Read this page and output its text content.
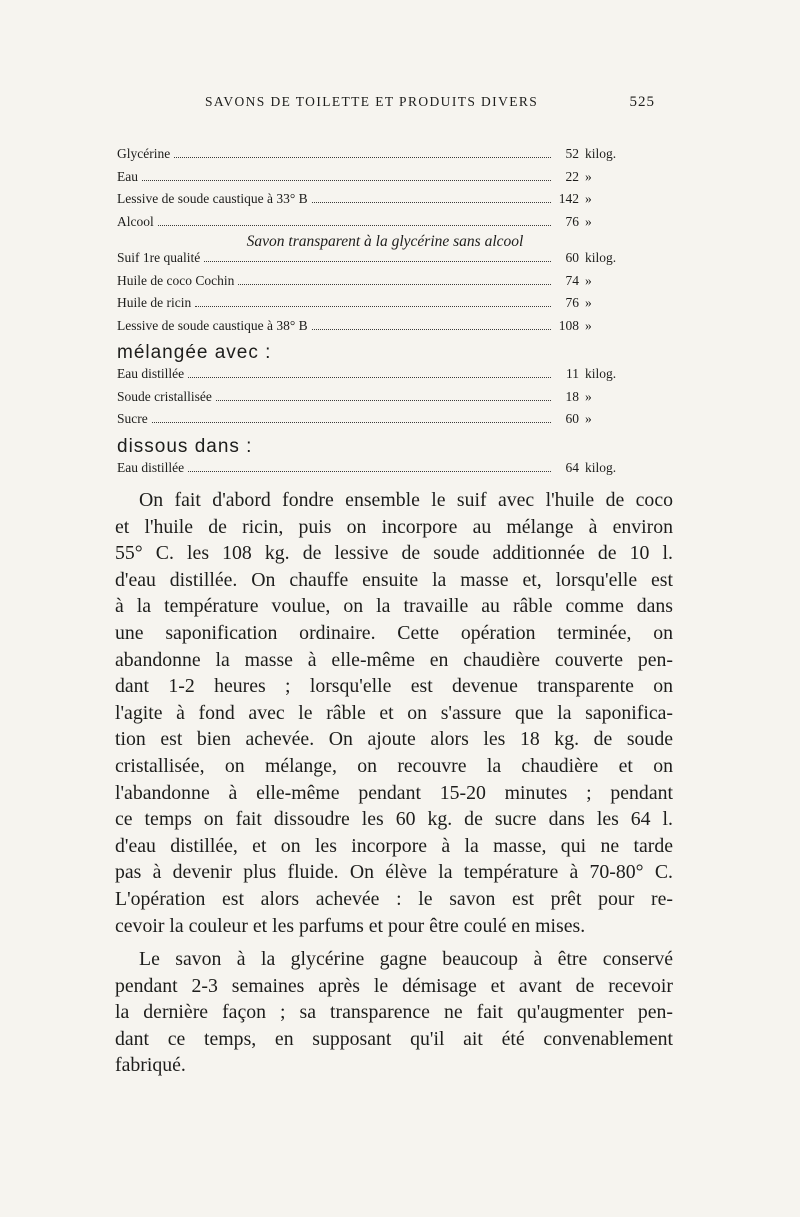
SAVONS DE TOILETTE ET PRODUITS DIVERS	525
Glycérine	52 kilog.
Eau	22 »
Lessive de soude caustique à 33° B	142 »
Alcool	76 »
Savon transparent à la glycérine sans alcool
Suif 1re qualité	60 kilog.
Huile de coco Cochin	74 »
Huile de ricin	76 »
Lessive de soude caustique à 38° B	108 »
mélangée avec :
Eau distillée	11 kilog.
Soude cristallisée	18 »
Sucre	60 »
dissous dans :
Eau distillée	64 kilog.

On fait d'abord fondre ensemble le suif avec l'huile de coco
et l'huile de ricin, puis on incorpore au mélange à environ
55° C. les 108 kg. de lessive de soude additionnée de 10 l.
d'eau distillée. On chauffe ensuite la masse et, lorsqu'elle est
à la température voulue, on la travaille au râble comme dans
une saponification ordinaire. Cette opération terminée, on
abandonne la masse à elle-même en chaudière couverte pen-
dant 1-2 heures ; lorsqu'elle est devenue transparente on
l'agite à fond avec le râble et on s'assure que la saponifica-
tion est bien achevée. On ajoute alors les 18 kg. de soude
cristallisée, on mélange, on recouvre la chaudière et on
l'abandonne à elle-même pendant 15-20 minutes ; pendant
ce temps on fait dissoudre les 60 kg. de sucre dans les 64 l.
d'eau distillée, et on les incorpore à la masse, qui ne tarde
pas à devenir plus fluide. On élève la température à 70-80° C.
L'opération est alors achevée : le savon est prêt pour re-
cevoir la couleur et les parfums et pour être coulé en mises.

Le savon à la glycérine gagne beaucoup à être conservé
pendant 2-3 semaines après le démisage et avant de recevoir
la dernière façon ; sa transparence ne fait qu'augmenter pen-
dant ce temps, en supposant qu'il ait été convenablement
fabriqué.
